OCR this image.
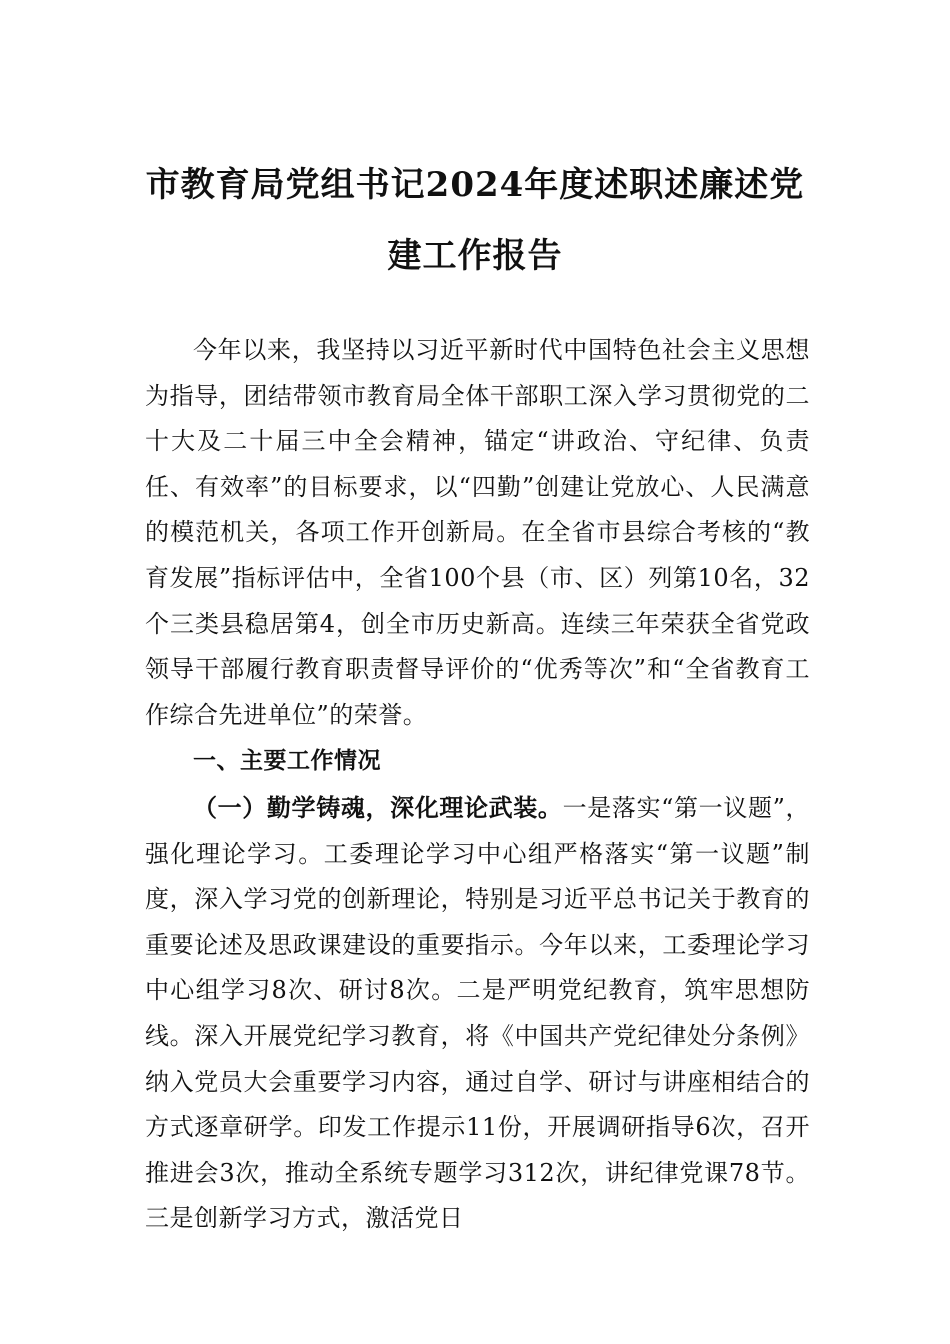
市教育局党组书记2024年度述职述廉述党
建工作报告

今年以来，我坚持以习近平新时代中国特色社会主义思想为指导，团结带领市教育局全体干部职工深入学习贯彻党的二十大及二十届三中全会精神，锚定“讲政治、守纪律、负责任、有效率”的目标要求，以“四勤”创建让党放心、人民满意的模范机关，各项工作开创新局。在全省市县综合考核的“教育发展”指标评估中，全省100个县（市、区）列第10名，32个三类县稳居第4，创全市历史新高。连续三年荣获全省党政领导干部履行教育职责督导评价的“优秀等次”和“全省教育工作综合先进单位”的荣誉。

一、主要工作情况

（一）勤学铸魂，深化理论武装。一是落实“第一议题”，强化理论学习。工委理论学习中心组严格落实“第一议题”制度，深入学习党的创新理论，特别是习近平总书记关于教育的重要论述及思政课建设的重要指示。今年以来，工委理论学习中心组学习8次、研讨8次。二是严明党纪教育，筑牢思想防线。深入开展党纪学习教育，将《中国共产党纪律处分条例》纳入党员大会重要学习内容，通过自学、研讨与讲座相结合的方式逐章研学。印发工作提示11份，开展调研指导6次，召开推进会3次，推动全系统专题学习312次，讲纪律党课78节。三是创新学习方式，激活党日
